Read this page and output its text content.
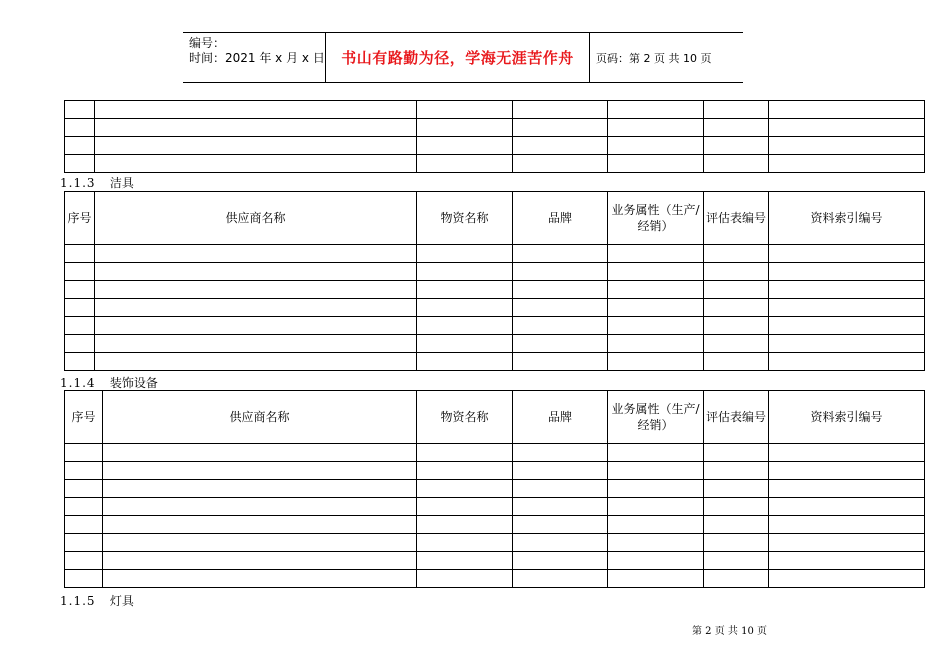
编号：
时间：2021 年 x 月 x 日	书山有路勤为径，学海无涯苦作舟	页码：第 2 页 共 10 页

1.1.3 洁具
序号	供应商名称	物资名称	品牌	业务属性（生产/经销）	评估表编号	资料索引编号

1.1.4 装饰设备
序号	供应商名称	物资名称	品牌	业务属性（生产/经销）	评估表编号	资料索引编号

1.1.5 灯具
第 2 页 共 10 页
